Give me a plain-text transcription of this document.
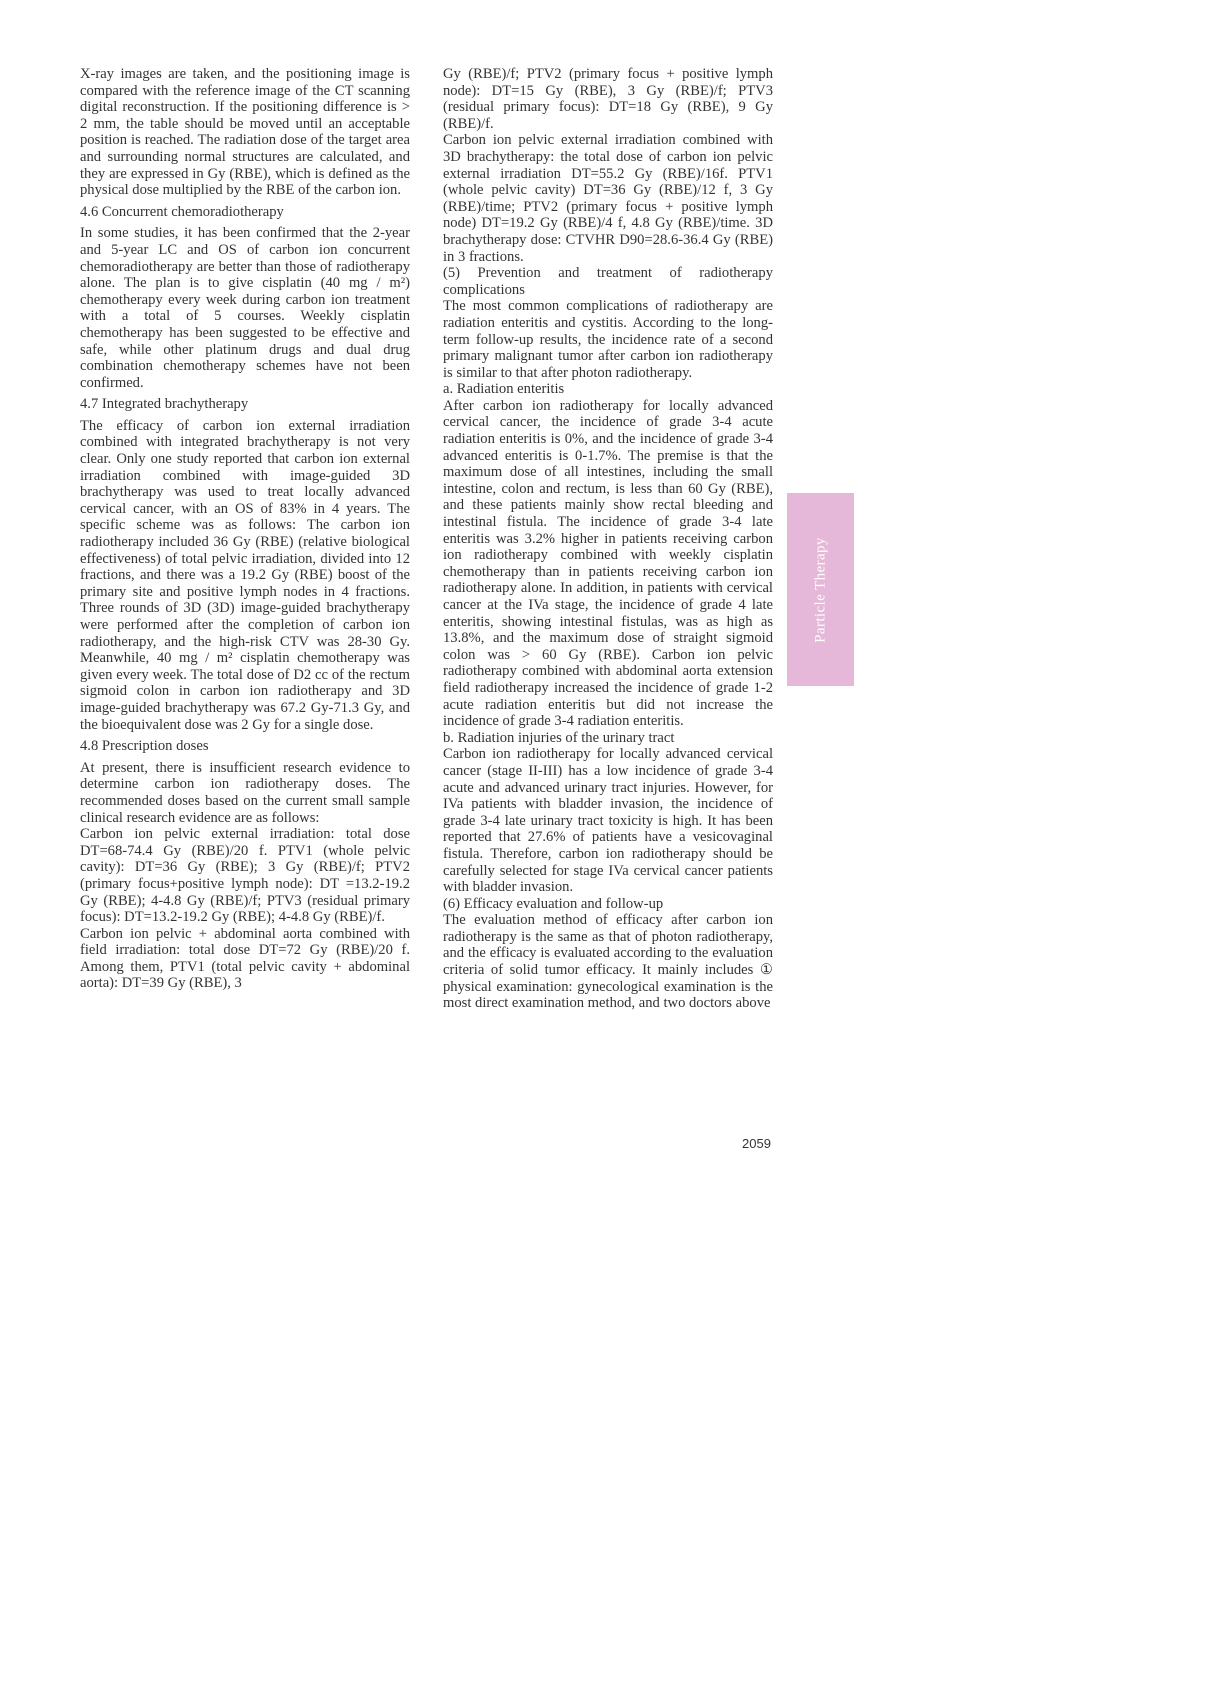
X-ray images are taken, and the positioning image is compared with the reference image of the CT scanning digital reconstruction. If the positioning difference is > 2 mm, the table should be moved until an acceptable position is reached. The radiation dose of the target area and surrounding normal structures are calculated, and they are expressed in Gy (RBE), which is defined as the physical dose multiplied by the RBE of the carbon ion.

4.6 Concurrent chemoradiotherapy

In some studies, it has been confirmed that the 2-year and 5-year LC and OS of carbon ion concurrent chemoradiotherapy are better than those of radiotherapy alone. The plan is to give cisplatin (40 mg / m²) chemotherapy every week during carbon ion treatment with a total of 5 courses. Weekly cisplatin chemotherapy has been suggested to be effective and safe, while other platinum drugs and dual drug combination chemotherapy schemes have not been confirmed.

4.7 Integrated brachytherapy

The efficacy of carbon ion external irradiation combined with integrated brachytherapy is not very clear. Only one study reported that carbon ion external irradiation combined with image-guided 3D brachytherapy was used to treat locally advanced cervical cancer, with an OS of 83% in 4 years. The specific scheme was as follows: The carbon ion radiotherapy included 36 Gy (RBE) (relative biological effectiveness) of total pelvic irradiation, divided into 12 fractions, and there was a 19.2 Gy (RBE) boost of the primary site and positive lymph nodes in 4 fractions. Three rounds of 3D (3D) image-guided brachytherapy were performed after the completion of carbon ion radiotherapy, and the high-risk CTV was 28-30 Gy. Meanwhile, 40 mg / m² cisplatin chemotherapy was given every week. The total dose of D2 cc of the rectum sigmoid colon in carbon ion radiotherapy and 3D image-guided brachytherapy was 67.2 Gy-71.3 Gy, and the bioequivalent dose was 2 Gy for a single dose.

4.8 Prescription doses

At present, there is insufficient research evidence to determine carbon ion radiotherapy doses. The recommended doses based on the current small sample clinical research evidence are as follows:

Carbon ion pelvic external irradiation: total dose DT=68-74.4 Gy (RBE)/20 f. PTV1 (whole pelvic cavity): DT=36 Gy (RBE); 3 Gy (RBE)/f; PTV2 (primary focus+positive lymph node): DT =13.2-19.2 Gy (RBE); 4-4.8 Gy (RBE)/f; PTV3 (residual primary focus): DT=13.2-19.2 Gy (RBE); 4-4.8 Gy (RBE)/f.

Carbon ion pelvic + abdominal aorta combined with field irradiation: total dose DT=72 Gy (RBE)/20 f. Among them, PTV1 (total pelvic cavity + abdominal aorta): DT=39 Gy (RBE), 3

Gy (RBE)/f; PTV2 (primary focus + positive lymph node): DT=15 Gy (RBE), 3 Gy (RBE)/f; PTV3 (residual primary focus): DT=18 Gy (RBE), 9 Gy (RBE)/f.

Carbon ion pelvic external irradiation combined with 3D brachytherapy: the total dose of carbon ion pelvic external irradiation DT=55.2 Gy (RBE)/16f. PTV1 (whole pelvic cavity) DT=36 Gy (RBE)/12 f, 3 Gy (RBE)/time; PTV2 (primary focus + positive lymph node) DT=19.2 Gy (RBE)/4 f, 4.8 Gy (RBE)/time. 3D brachytherapy dose: CTVHR D90=28.6-36.4 Gy (RBE) in 3 fractions.

(5) Prevention and treatment of radiotherapy complications

The most common complications of radiotherapy are radiation enteritis and cystitis. According to the long-term follow-up results, the incidence rate of a second primary malignant tumor after carbon ion radiotherapy is similar to that after photon radiotherapy.

a. Radiation enteritis

After carbon ion radiotherapy for locally advanced cervical cancer, the incidence of grade 3-4 acute radiation enteritis is 0%, and the incidence of grade 3-4 advanced enteritis is 0-1.7%. The premise is that the maximum dose of all intestines, including the small intestine, colon and rectum, is less than 60 Gy (RBE), and these patients mainly show rectal bleeding and intestinal fistula. The incidence of grade 3-4 late enteritis was 3.2% higher in patients receiving carbon ion radiotherapy combined with weekly cisplatin chemotherapy than in patients receiving carbon ion radiotherapy alone. In addition, in patients with cervical cancer at the IVa stage, the incidence of grade 4 late enteritis, showing intestinal fistulas, was as high as 13.8%, and the maximum dose of straight sigmoid colon was > 60 Gy (RBE). Carbon ion pelvic radiotherapy combined with abdominal aorta extension field radiotherapy increased the incidence of grade 1-2 acute radiation enteritis but did not increase the incidence of grade 3-4 radiation enteritis.

b. Radiation injuries of the urinary tract

Carbon ion radiotherapy for locally advanced cervical cancer (stage II-III) has a low incidence of grade 3-4 acute and advanced urinary tract injuries. However, for IVa patients with bladder invasion, the incidence of grade 3-4 late urinary tract toxicity is high. It has been reported that 27.6% of patients have a vesicovaginal fistula. Therefore, carbon ion radiotherapy should be carefully selected for stage IVa cervical cancer patients with bladder invasion.

(6) Efficacy evaluation and follow-up

The evaluation method of efficacy after carbon ion radiotherapy is the same as that of photon radiotherapy, and the efficacy is evaluated according to the evaluation criteria of solid tumor efficacy. It mainly includes ① physical examination: gynecological examination is the most direct examination method, and two doctors above

Particle Therapy
2059
